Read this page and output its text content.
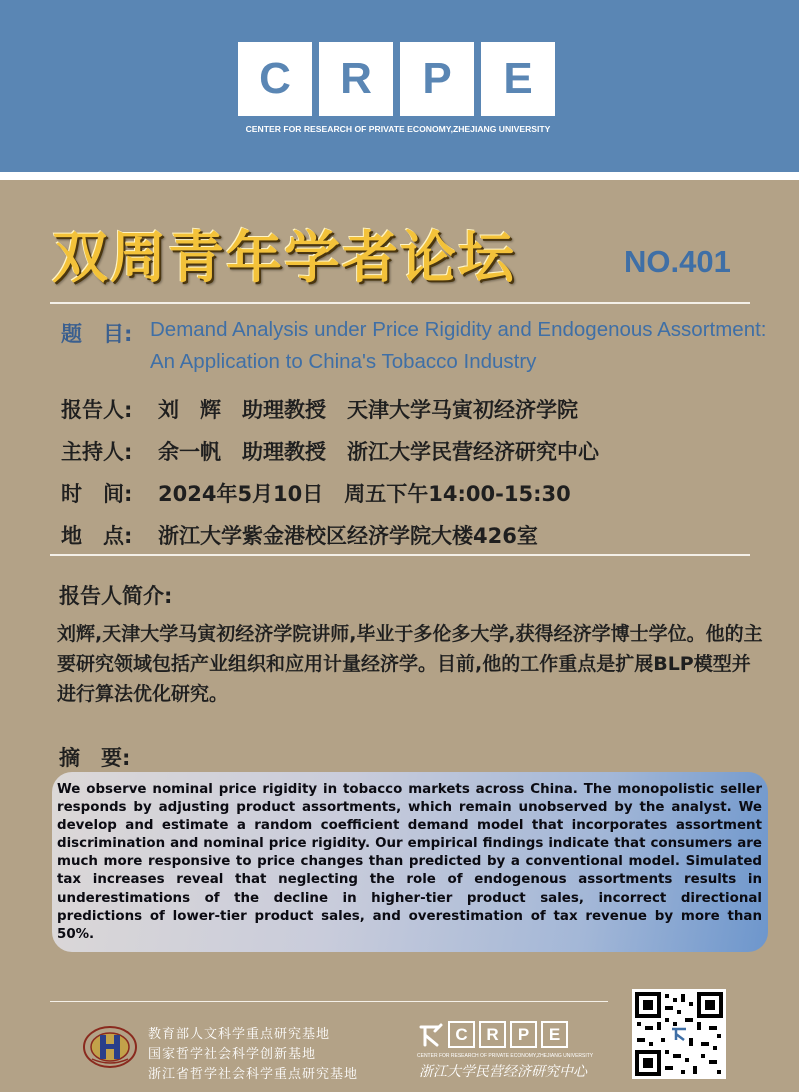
C	R	P	E
CENTER FOR RESEARCH OF PRIVATE ECONOMY,ZHEJIANG UNIVERSITY
双周青年学者论坛	NO.401
题　目: Demand Analysis under Price Rigidity and Endogenous Assortment:
An Application to China's Tobacco Industry
报告人: 刘　辉　助理教授　天津大学马寅初经济学院
主持人: 余一帆　助理教授　浙江大学民营经济研究中心
时　间: 2024年5月10日　周五下午14:00-15:30
地　点: 浙江大学紫金港校区经济学院大楼426室
报告人简介:
刘辉,天津大学马寅初经济学院讲师,毕业于多伦多大学,获得经济学博士学位。他的主要研究领域包括产业组织和应用计量经济学。目前,他的工作重点是扩展BLP模型并进行算法优化研究。
摘　要:
We observe nominal price rigidity in tobacco markets across China. The monopolistic seller responds by adjusting product assortments, which remain unobserved by the analyst. We develop and estimate a random coefficient demand model that incorporates assortment discrimination and nominal price rigidity. Our empirical findings indicate that consumers are much more responsive to price changes than predicted by a conventional model. Simulated tax increases reveal that neglecting the role of endogenous assortments results in underestimations of the decline in higher-tier product sales, incorrect directional predictions of lower-tier product sales, and overestimation of tax revenue by more than 50%.
教育部人文科学重点研究基地
国家哲学社会科学创新基地
浙江省哲学社会科学重点研究基地
C	R	P	E
CENTER FOR RESEARCH OF PRIVATE ECONOMY,ZHEJIANG UNIVERSITY
浙江大学民营经济研究中心
